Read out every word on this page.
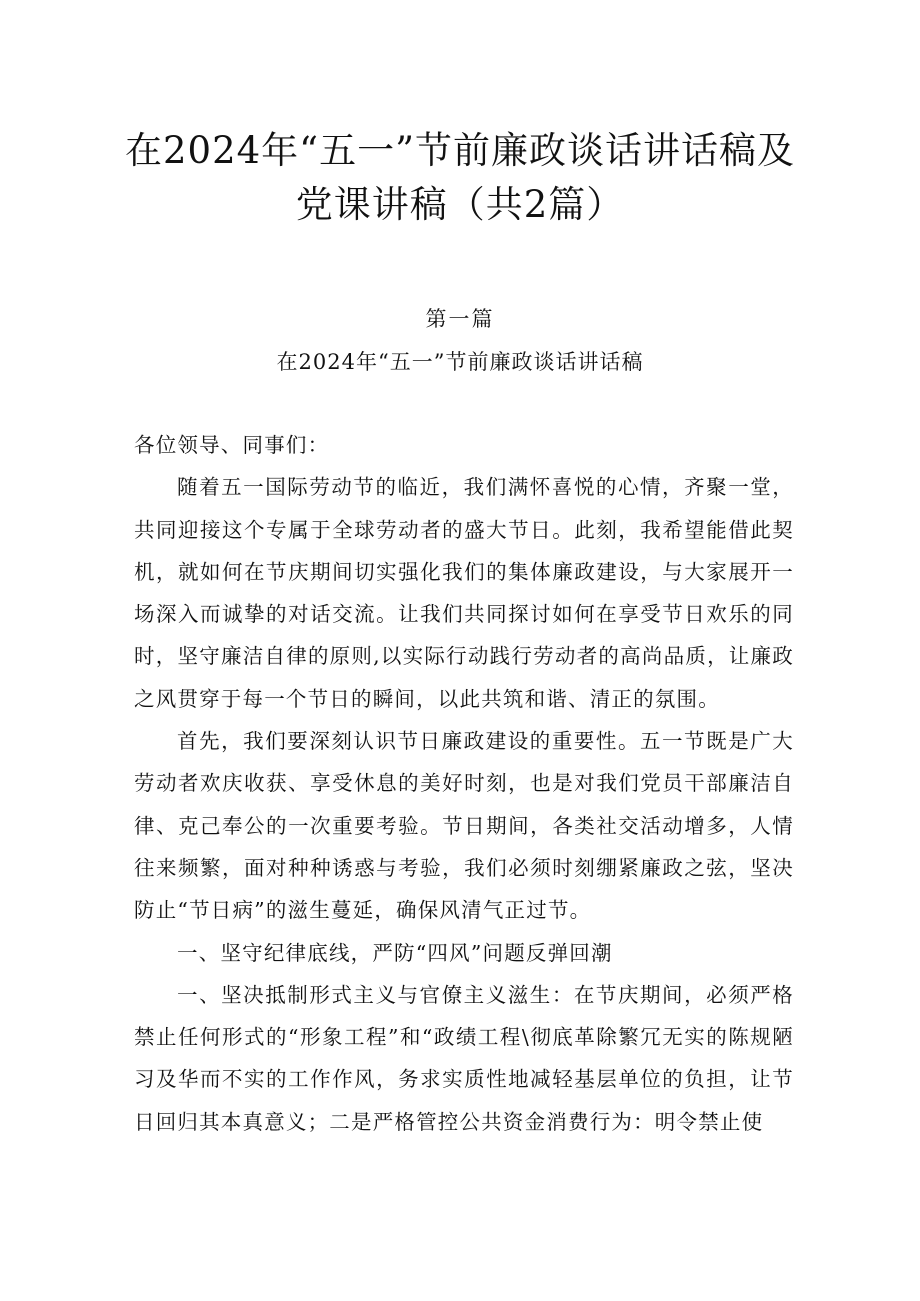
在2024年“五一”节前廉政谈话讲话稿及党课讲稿（共2篇）
第一篇
在2024年“五一”节前廉政谈话讲话稿

各位领导、同事们：

随着五一国际劳动节的临近，我们满怀喜悦的心情，齐聚一堂，共同迎接这个专属于全球劳动者的盛大节日。此刻，我希望能借此契机，就如何在节庆期间切实强化我们的集体廉政建设，与大家展开一场深入而诚挚的对话交流。让我们共同探讨如何在享受节日欢乐的同时，坚守廉洁自律的原则,以实际行动践行劳动者的高尚品质，让廉政之风贯穿于每一个节日的瞬间，以此共筑和谐、清正的氛围。

首先，我们要深刻认识节日廉政建设的重要性。五一节既是广大劳动者欢庆收获、享受休息的美好时刻，也是对我们党员干部廉洁自律、克己奉公的一次重要考验。节日期间，各类社交活动增多，人情往来频繁，面对种种诱惑与考验，我们必须时刻绷紧廉政之弦，坚决防止“节日病”的滋生蔓延，确保风清气正过节。

一、坚守纪律底线，严防“四风”问题反弹回潮

一、坚决抵制形式主义与官僚主义滋生：在节庆期间，必须严格禁止任何形式的“形象工程”和“政绩工程\彻底革除繁冗无实的陈规陋习及华而不实的工作作风，务求实质性地减轻基层单位的负担，让节日回归其本真意义；二是严格管控公共资金消费行为：明令禁止使
